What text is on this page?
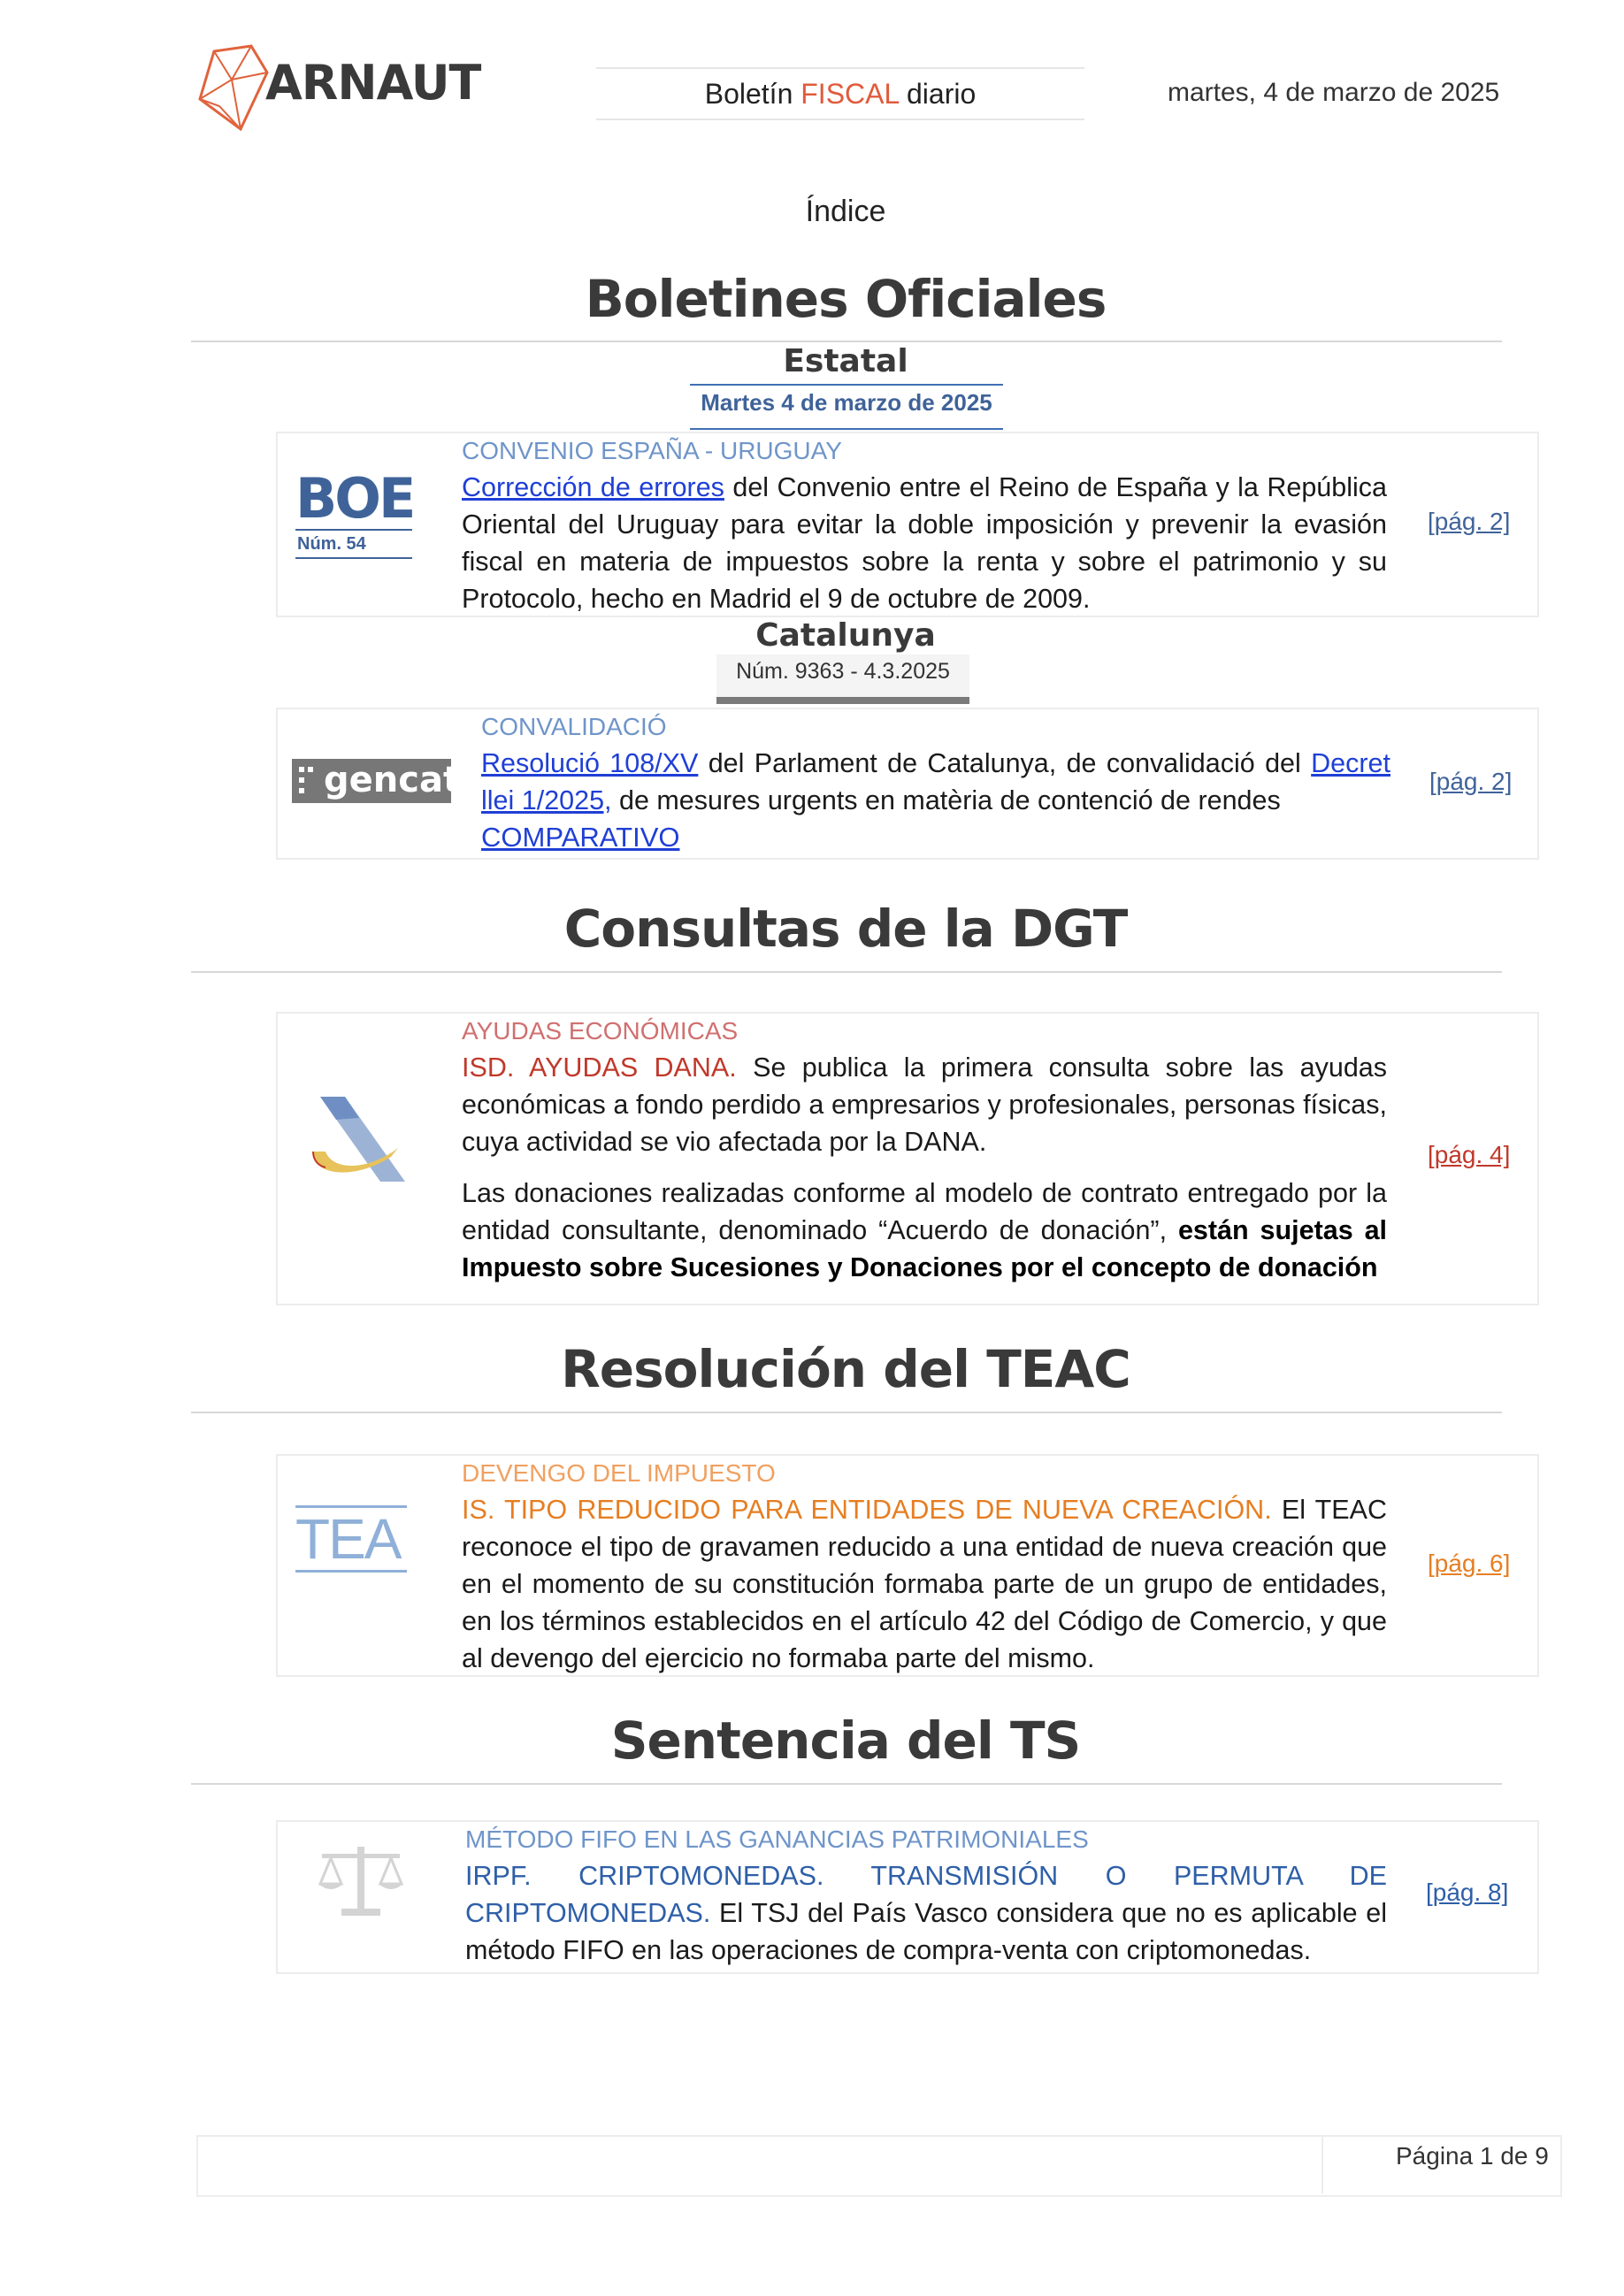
ARNAUT	Boletín FISCAL diario	martes, 4 de marzo de 2025
Índice
Boletines Oficiales
Estatal
Martes 4 de marzo de 2025
BOE
Núm. 54
CONVENIO ESPAÑA - URUGUAY
Corrección de errores del Convenio entre el Reino de España y la República Oriental del Uruguay para evitar la doble imposición y prevenir la evasión fiscal en materia de impuestos sobre la renta y sobre el patrimonio y su Protocolo, hecho en Madrid el 9 de octubre de 2009.
[pág. 2]
Catalunya
Núm. 9363 - 4.3.2025
gencat
CONVALIDACIÓ
Resolució 108/XV del Parlament de Catalunya, de convalidació del Decret llei 1/2025, de mesures urgents en matèria de contenció de rendes
COMPARATIVO
[pág. 2]
Consultas de la DGT
AYUDAS ECONÓMICAS
ISD. AYUDAS DANA. Se publica la primera consulta sobre las ayudas económicas a fondo perdido a empresarios y profesionales, personas físicas, cuya actividad se vio afectada por la DANA.
Las donaciones realizadas conforme al modelo de contrato entregado por la entidad consultante, denominado “Acuerdo de donación”, están sujetas al Impuesto sobre Sucesiones y Donaciones por el concepto de donación
[pág. 4]
Resolución del TEAC
TEA
DEVENGO DEL IMPUESTO
IS. TIPO REDUCIDO PARA ENTIDADES DE NUEVA CREACIÓN. El TEAC reconoce el tipo de gravamen reducido a una entidad de nueva creación que en el momento de su constitución formaba parte de un grupo de entidades, en los términos establecidos en el artículo 42 del Código de Comercio, y que al devengo del ejercicio no formaba parte del mismo.
[pág. 6]
Sentencia del TS
MÉTODO FIFO EN LAS GANANCIAS PATRIMONIALES
IRPF. CRIPTOMONEDAS. TRANSMISIÓN O PERMUTA DE CRIPTOMONEDAS. El TSJ del País Vasco considera que no es aplicable el método FIFO en las operaciones de compra-venta con criptomonedas.
[pág. 8]
Página 1 de 9
